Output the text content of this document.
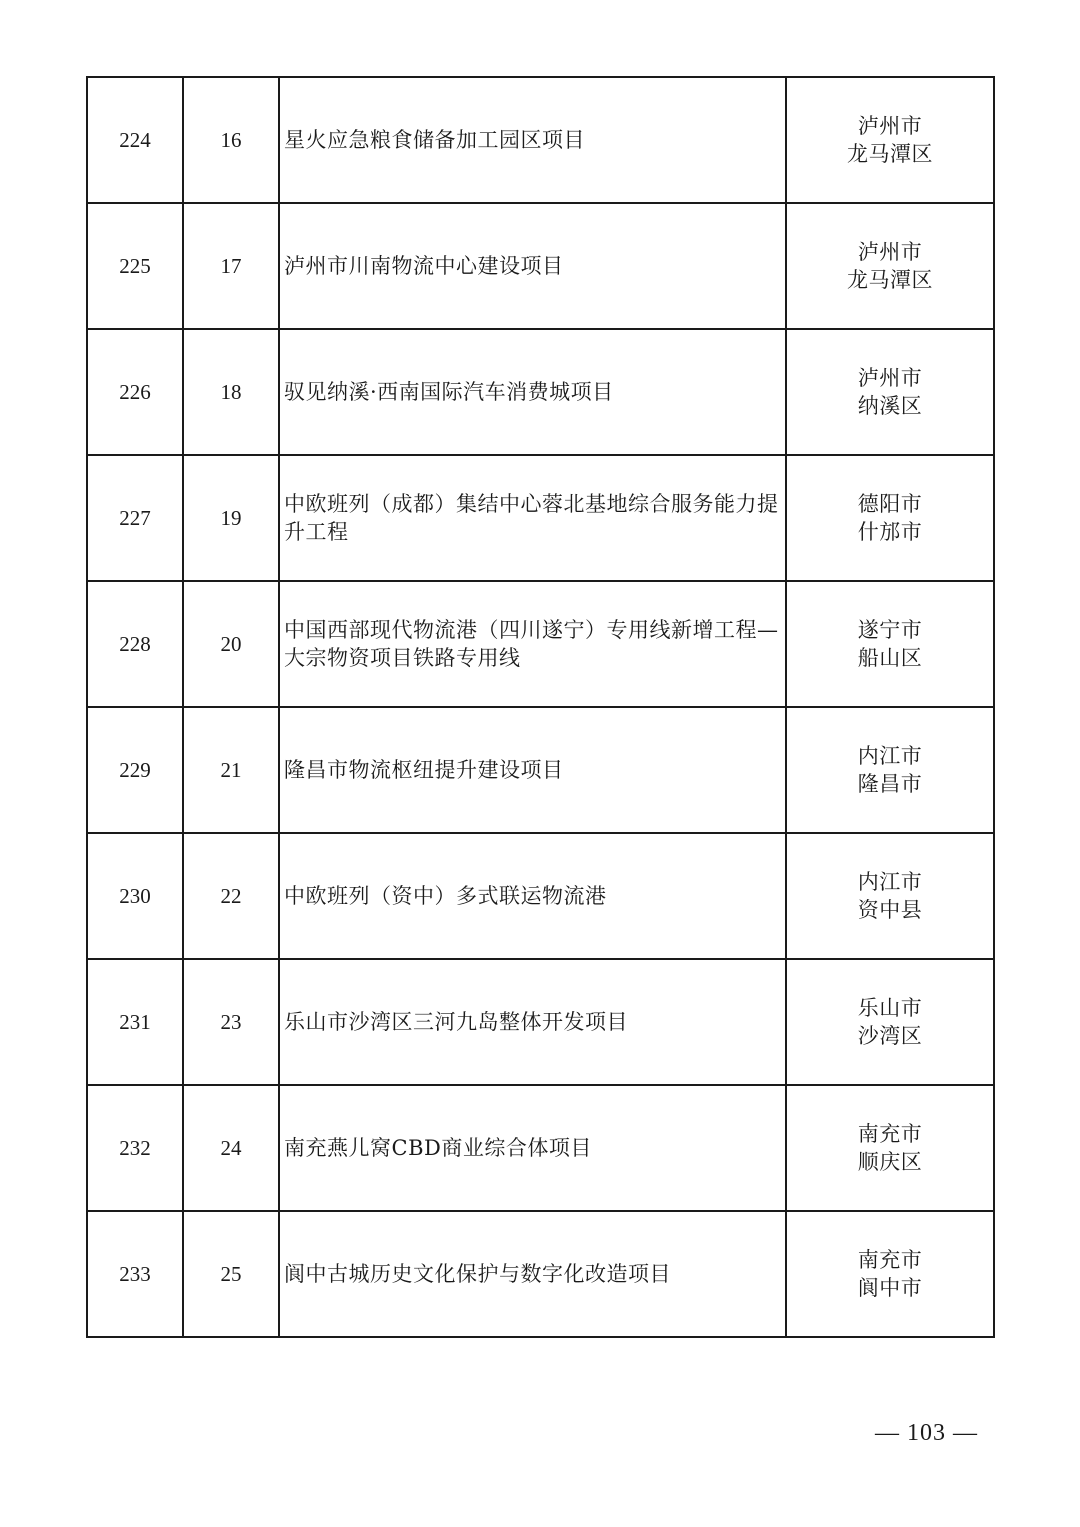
224	16	星火应急粮食储备加工园区项目	泸州市
龙马潭区

225	17	泸州市川南物流中心建设项目	泸州市
龙马潭区

226	18	驭见纳溪·西南国际汽车消费城项目	泸州市
纳溪区

227	19	中欧班列（成都）集结中心蓉北基地综合服务能力提升工程	德阳市
什邡市

228	20	中国西部现代物流港（四川遂宁）专用线新增工程—大宗物资项目铁路专用线	遂宁市
船山区

229	21	隆昌市物流枢纽提升建设项目	内江市
隆昌市

230	22	中欧班列（资中）多式联运物流港	内江市
资中县

231	23	乐山市沙湾区三河九岛整体开发项目	乐山市
沙湾区

232	24	南充燕儿窝CBD商业综合体项目	南充市
顺庆区

233	25	阆中古城历史文化保护与数字化改造项目	南充市
阆中市
— 103 —
